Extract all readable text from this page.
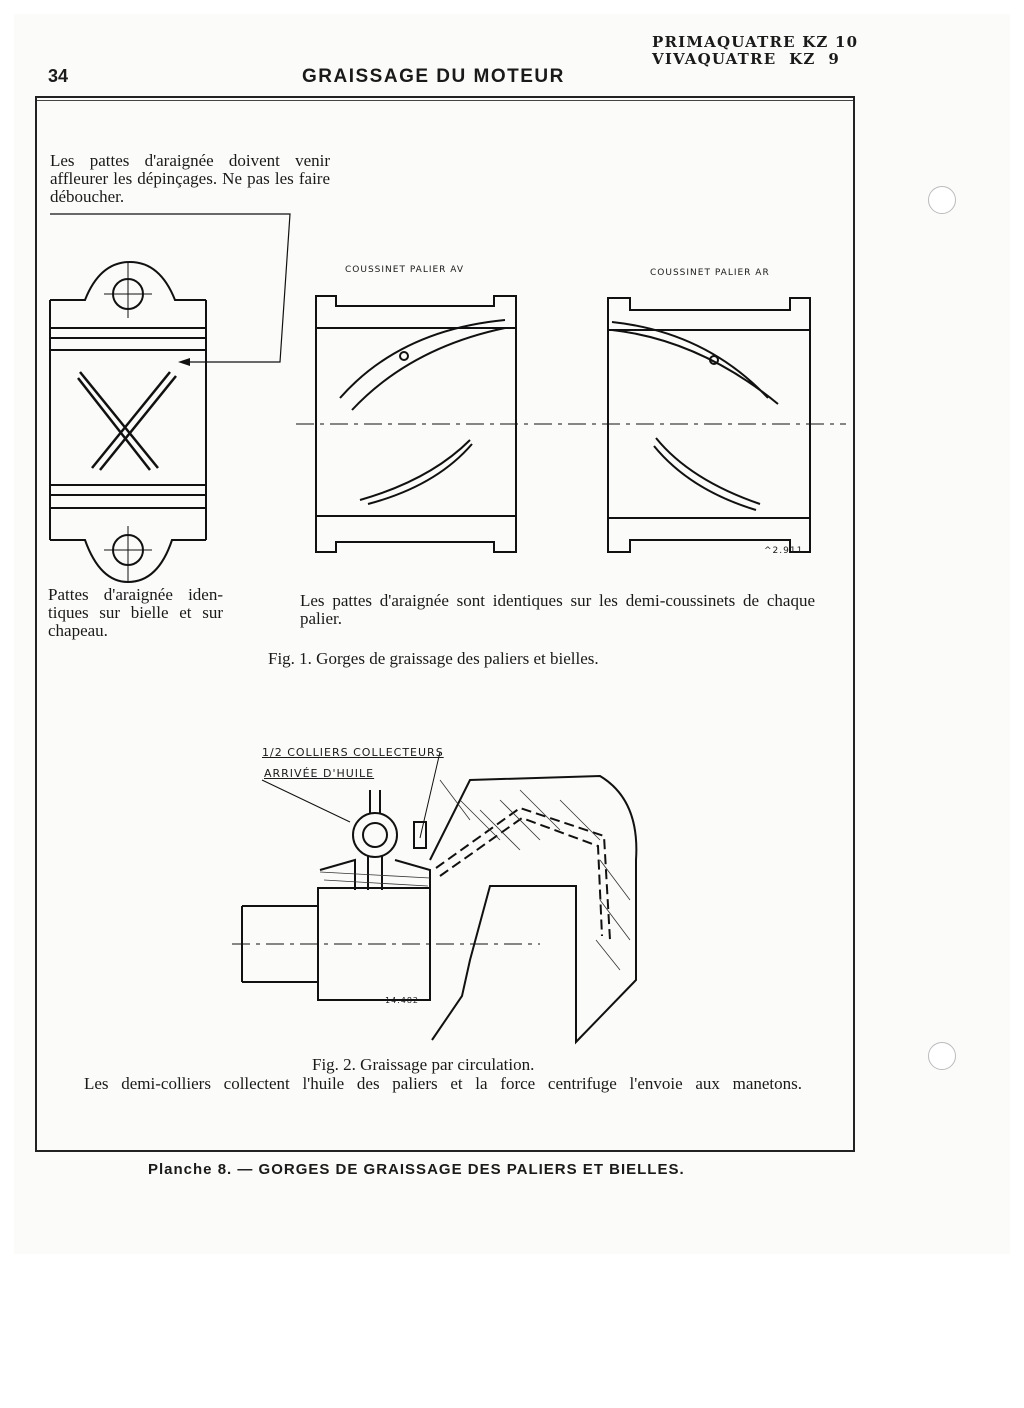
34	GRAISSAGE DU MOTEUR
PRIMAQUATRE KZ 10
VIVAQUATRE  KZ  9
Les pattes d'araignée doivent venir affleurer les dépinçages. Ne pas les faire déboucher.
COUSSINET PALIER AV	COUSSINET PALIER AR
^2.911
Pattes d'araignée iden-tiques sur bielle et sur chapeau.
Les pattes d'araignée sont identiques sur les demi-coussinets de chaque palier.
Fig. 1. Gorges de graissage des paliers et bielles.
1/2 COLLIERS COLLECTEURS
ARRIVÉE D'HUILE
14.482
Fig. 2. Graissage par circulation.
Les demi-colliers collectent l'huile des paliers et la force centrifuge l'envoie aux manetons.
Planche 8. — GORGES DE GRAISSAGE DES PALIERS ET BIELLES.
